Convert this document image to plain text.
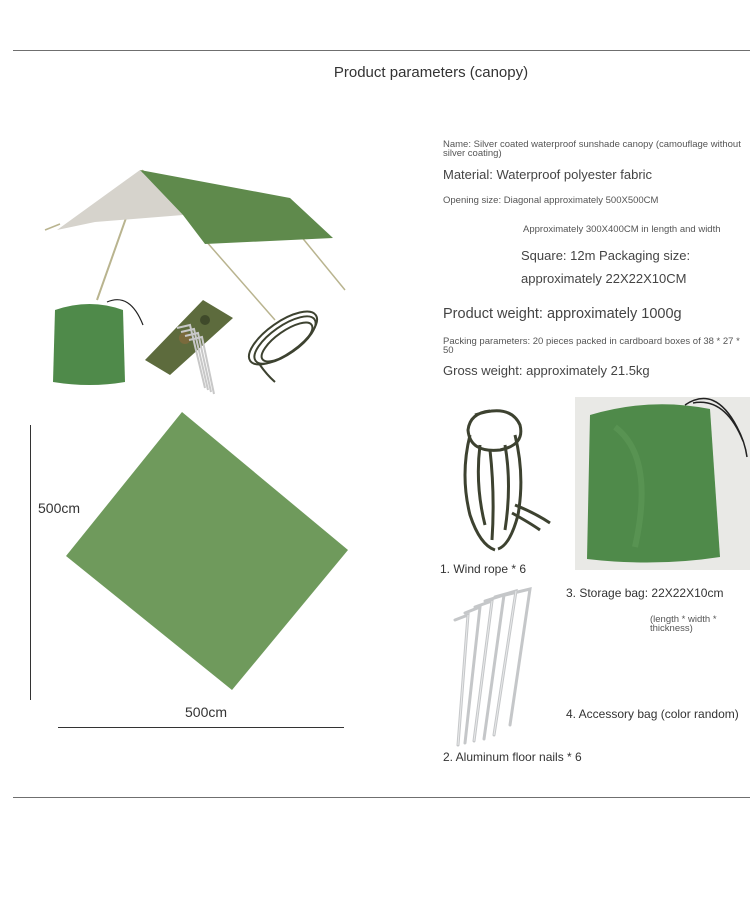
Product parameters (canopy)
500cm
500cm
Name: Silver coated waterproof sunshade canopy (camouflage without silver coating)
Material: Waterproof polyester fabric
Opening size: Diagonal approximately 500X500CM
Approximately 300X400CM in length and width
Square: 12m Packaging size:
approximately 22X22X10CM
Product weight: approximately 1000g
Packing parameters: 20 pieces packed in cardboard boxes of 38 * 27 * 50
Gross weight: approximately 21.5kg
1. Wind rope * 6
3. Storage bag: 22X22X10cm
(length * width * thickness)
4. Accessory bag (color random)
2. Aluminum floor nails * 6
